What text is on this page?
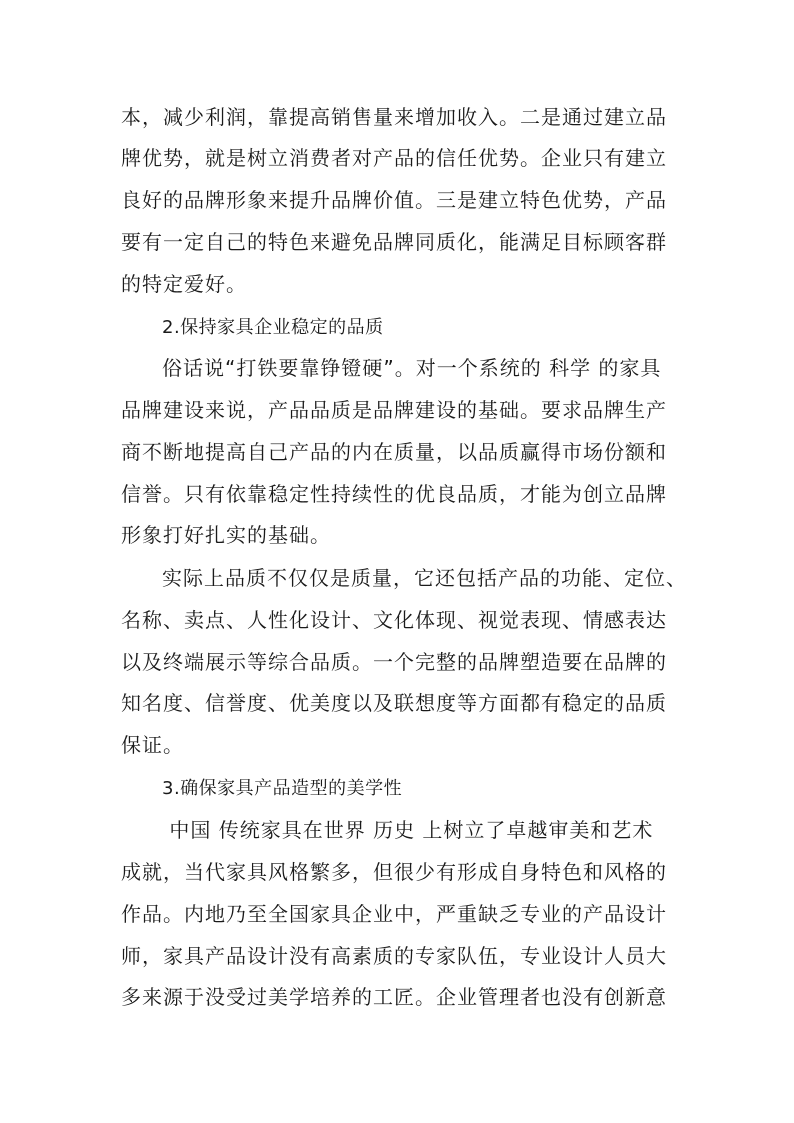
本，减少利润，靠提高销售量来增加收入。二是通过建立品
牌优势，就是树立消费者对产品的信任优势。企业只有建立
良好的品牌形象来提升品牌价值。三是建立特色优势，产品
要有一定自己的特色来避免品牌同质化，能满足目标顾客群
的特定爱好。
2.保持家具企业稳定的品质
俗话说“打铁要靠铮镫硬”。对一个系统的 科学 的家具
品牌建设来说，产品品质是品牌建设的基础。要求品牌生产
商不断地提高自己产品的内在质量，以品质赢得市场份额和
信誉。只有依靠稳定性持续性的优良品质，才能为创立品牌
形象打好扎实的基础。
实际上品质不仅仅是质量，它还包括产品的功能、定位、
名称、卖点、人性化设计、文化体现、视觉表现、情感表达
以及终端展示等综合品质。一个完整的品牌塑造要在品牌的
知名度、信誉度、优美度以及联想度等方面都有稳定的品质
保证。
3.确保家具产品造型的美学性
中国 传统家具在世界 历史 上树立了卓越审美和艺术
成就，当代家具风格繁多，但很少有形成自身特色和风格的
作品。内地乃至全国家具企业中，严重缺乏专业的产品设计
师，家具产品设计没有高素质的专家队伍，专业设计人员大
多来源于没受过美学培养的工匠。企业管理者也没有创新意
